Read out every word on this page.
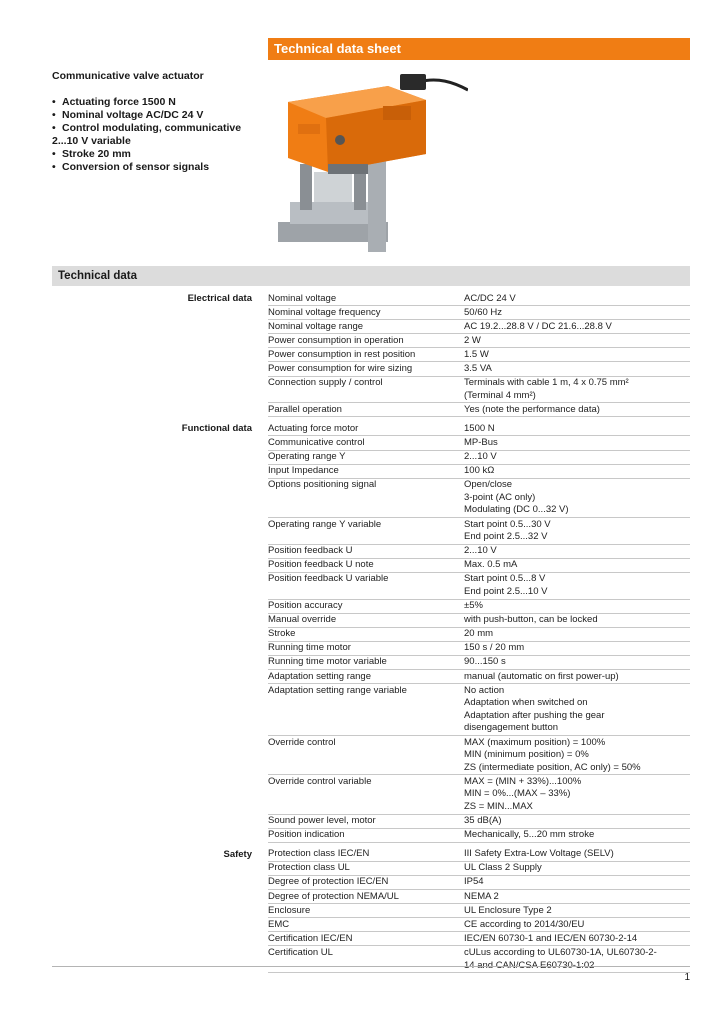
Technical data sheet
Communicative valve actuator
• Actuating force 1500 N
• Nominal voltage AC/DC 24 V
• Control modulating, communicative 2...10 V variable
• Stroke 20 mm
• Conversion of sensor signals
Technical data
Electrical data Nominal voltage	AC/DC 24 V
Nominal voltage frequency	50/60 Hz
Nominal voltage range	AC 19.2...28.8 V / DC 21.6...28.8 V
Power consumption in operation	2 W
Power consumption in rest position	1.5 W
Power consumption for wire sizing	3.5 VA
Connection supply / control	Terminals with cable 1 m, 4 x 0.75 mm²
(Terminal 4 mm²)
Parallel operation	Yes (note the performance data)
Functional data Actuating force motor	1500 N
Communicative control	MP-Bus
Operating range Y	2...10 V
Input Impedance	100 kΩ
Options positioning signal	Open/close
3-point (AC only)
Modulating (DC 0...32 V)
Operating range Y variable	Start point 0.5...30 V
End point 2.5...32 V
Position feedback U	2...10 V
Position feedback U note	Max. 0.5 mA
Position feedback U variable	Start point 0.5...8 V
End point 2.5...10 V
Position accuracy	±5%
Manual override	with push-button, can be locked
Stroke	20 mm
Running time motor	150 s / 20 mm
Running time motor variable	90...150 s
Adaptation setting range	manual (automatic on first power-up)
Adaptation setting range variable	No action
Adaptation when switched on
Adaptation after pushing the gear
disengagement button
Override control	MAX (maximum position) = 100%
MIN (minimum position) = 0%
ZS (intermediate position, AC only) = 50%
Override control variable	MAX = (MIN + 33%)...100%
MIN = 0%...(MAX – 33%)
ZS = MIN...MAX
Sound power level, motor	35 dB(A)
Position indication	Mechanically, 5...20 mm stroke
Safety Protection class IEC/EN	III Safety Extra-Low Voltage (SELV)
Protection class UL	UL Class 2 Supply
Degree of protection IEC/EN	IP54
Degree of protection NEMA/UL	NEMA 2
Enclosure	UL Enclosure Type 2
EMC	CE according to 2014/30/EU
Certification IEC/EN	IEC/EN 60730-1 and IEC/EN 60730-2-14
Certification UL	cULus according to UL60730-1A, UL60730-2-
14 and CAN/CSA E60730-1:02
1
